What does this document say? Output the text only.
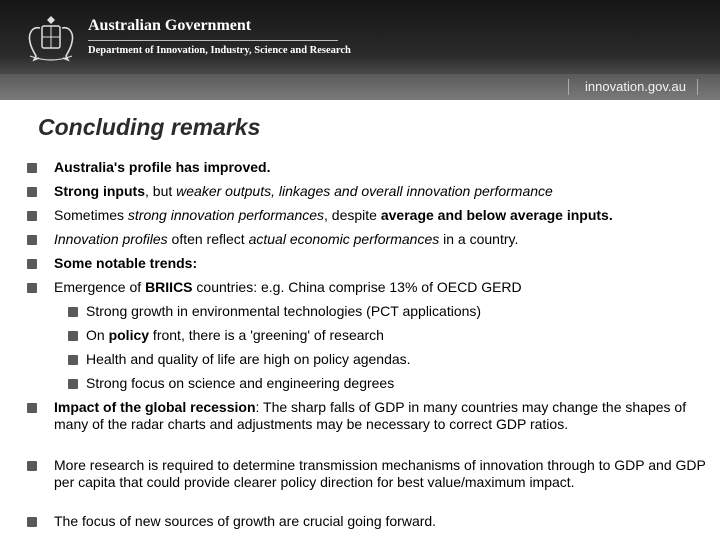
Australian Government
Department of Innovation, Industry, Science and Research
innovation.gov.au
Concluding remarks
Australia's profile has improved.
Strong inputs, but weaker outputs, linkages and overall innovation performance
Sometimes strong innovation performances, despite average and below average inputs.
Innovation profiles often reflect actual economic performances in a country.
Some notable trends:
Emergence of BRIICS countries: e.g. China comprise 13% of OECD GERD
Strong growth in environmental technologies (PCT applications)
On policy front, there is a 'greening' of research
Health and quality of life are high on policy agendas.
Strong focus on science and engineering degrees
Impact of the global recession: The sharp falls of GDP in many countries may change the shapes of many of the radar charts and adjustments may be necessary to correct GDP ratios.
More research is required to determine transmission mechanisms of innovation through to GDP and GDP per capita that could provide clearer policy direction for best value/maximum impact.
The focus of new sources of growth are crucial going forward.
